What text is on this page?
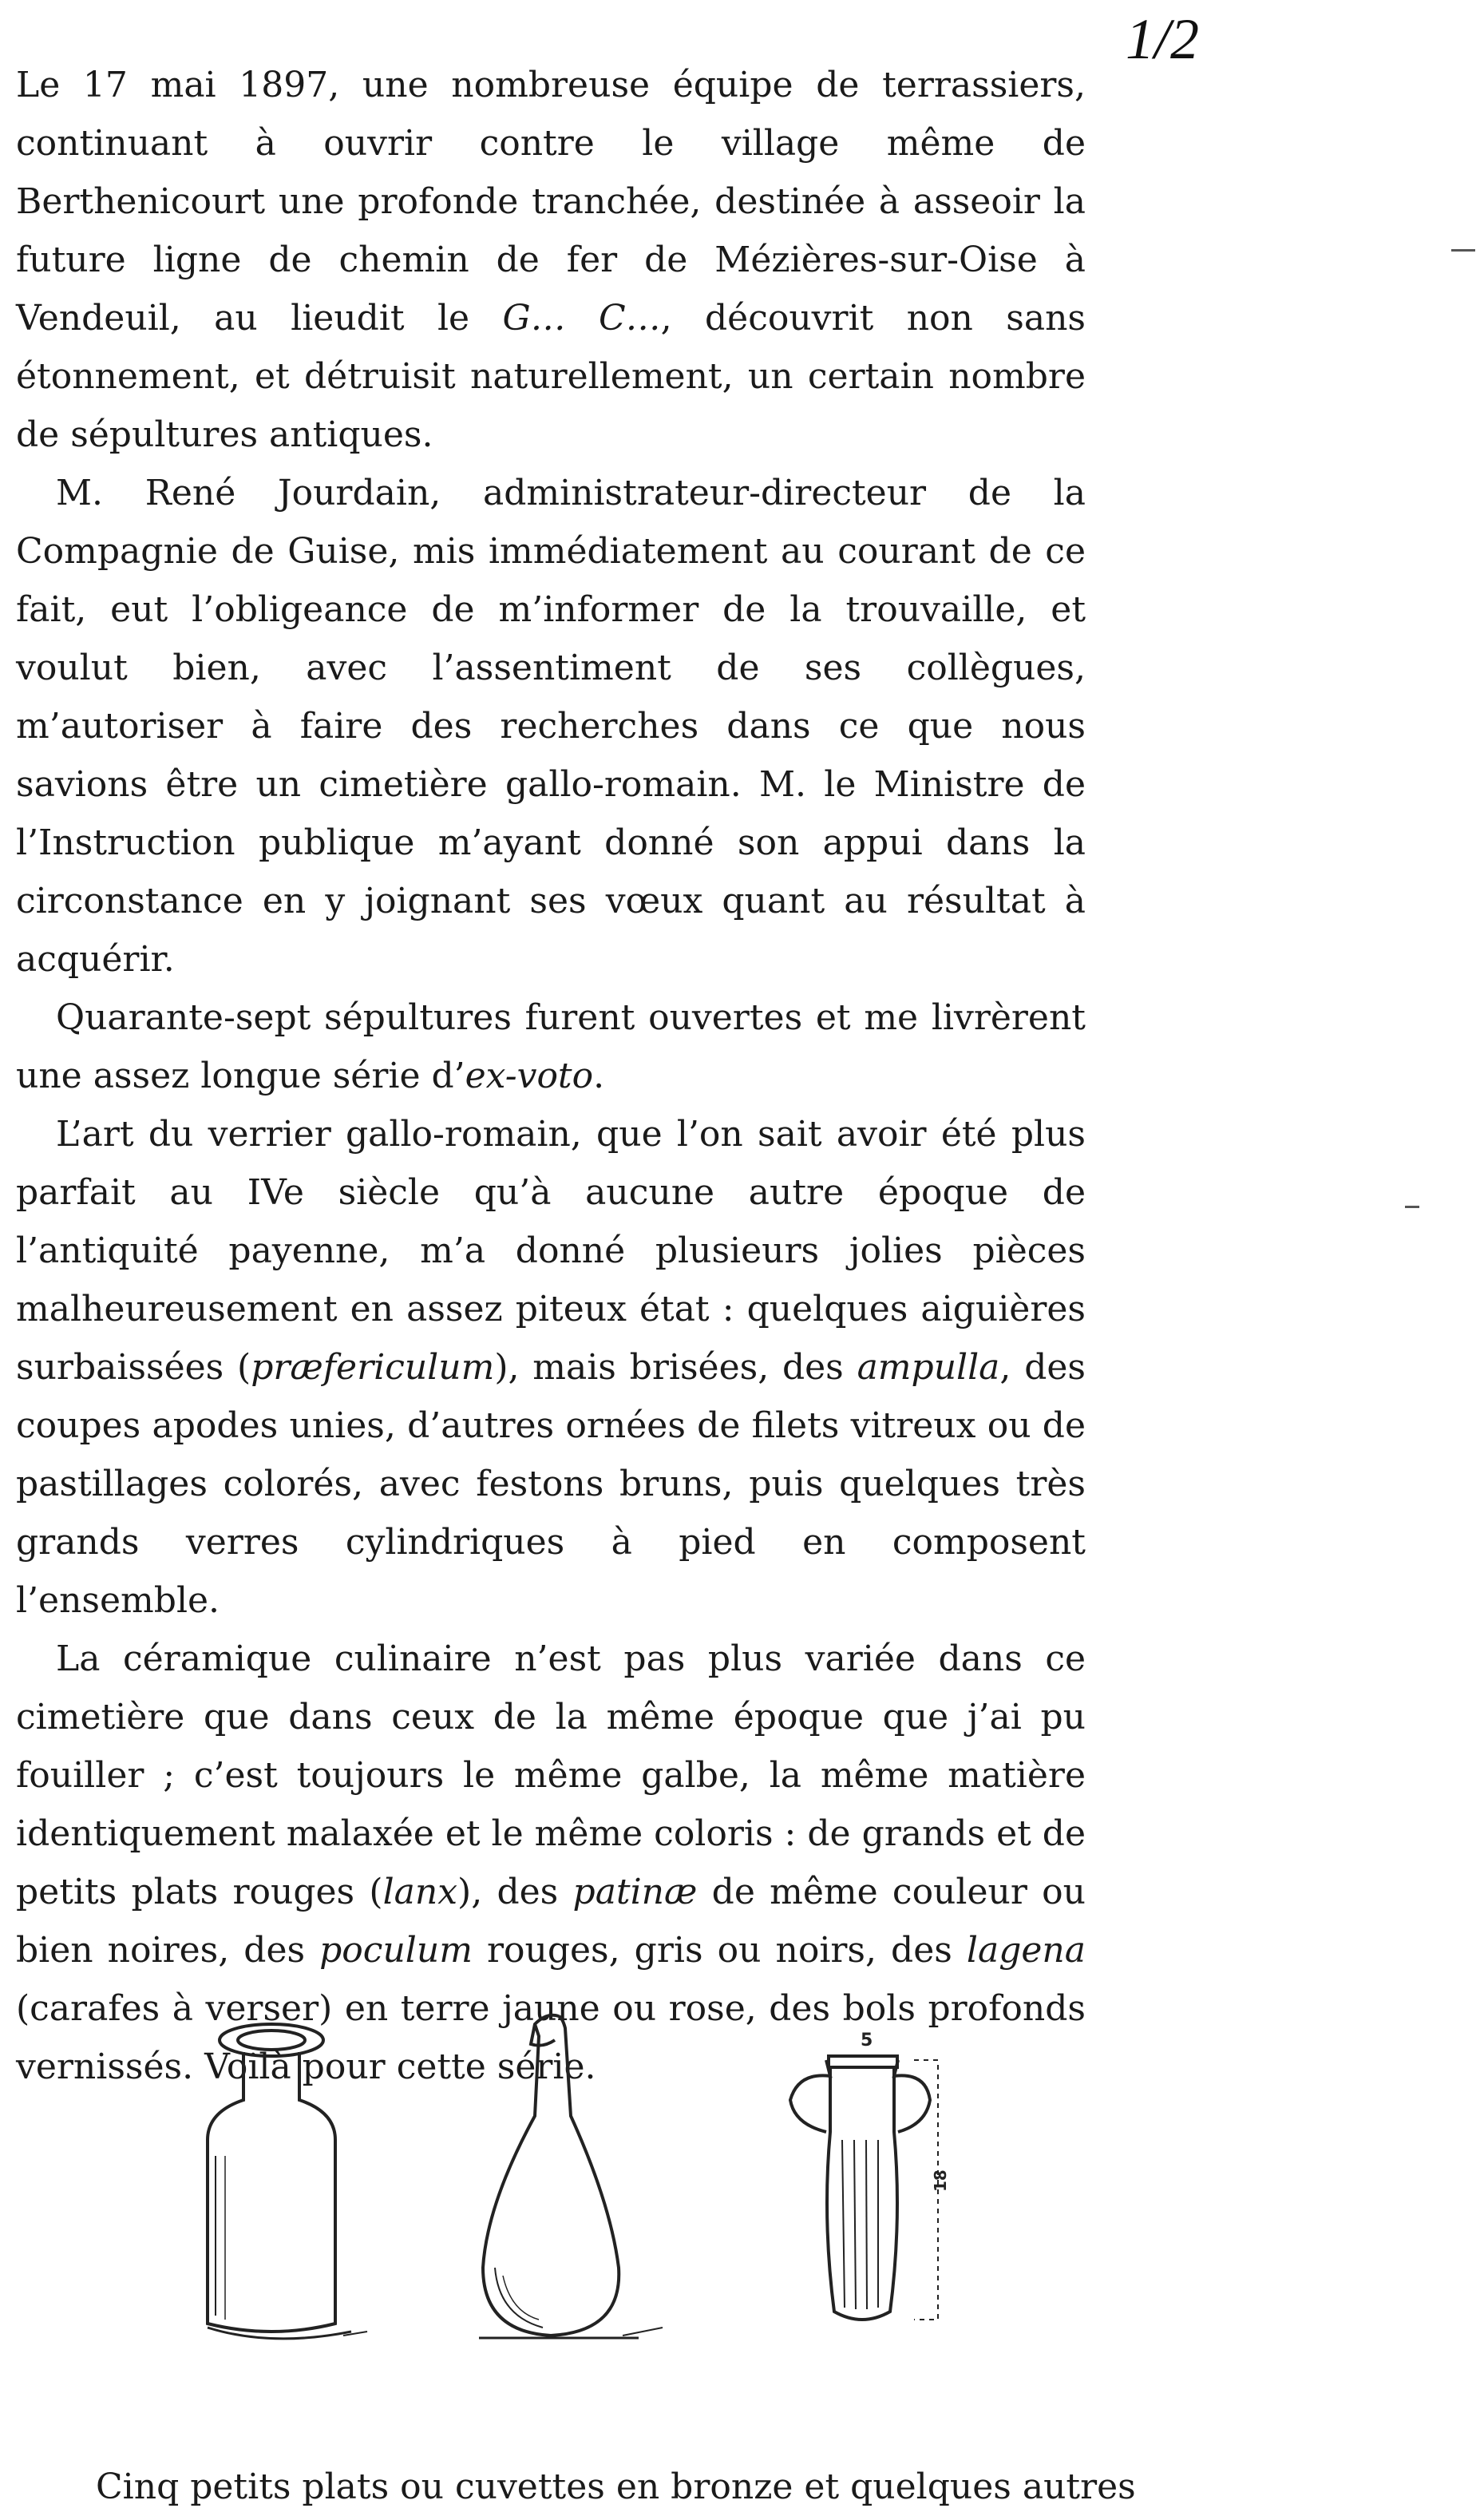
1/2

Le 17 mai 1897, une nombreuse équipe de terrassiers, continuant à ouvrir contre le village même de Berthenicourt une profonde tranchée, destinée à asseoir la future ligne de chemin de fer de Mézières-sur-Oise à Vendeuil, au lieudit le G… C…, découvrit non sans étonnement, et détruisit naturellement, un certain nombre de sépultures antiques.

M. René Jourdain, administrateur-directeur de la Compagnie de Guise, mis immédiatement au courant de ce fait, eut l’obligeance de m’informer de la trouvaille, et voulut bien, avec l’assentiment de ses collègues, m’autoriser à faire des recherches dans ce que nous savions être un cimetière gallo-romain. M. le Ministre de l’Instruction publique m’ayant donné son appui dans la circonstance en y joignant ses vœux quant au résultat à acquérir.

Quarante-sept sépultures furent ouvertes et me livrèrent une assez longue série d’ex-voto.

L’art du verrier gallo-romain, que l’on sait avoir été plus parfait au IVe siècle qu’à aucune autre époque de l’antiquité payenne, m’a donné plusieurs jolies pièces malheureusement en assez piteux état : quelques aiguières surbaissées (præfericulum), mais brisées, des ampulla, des coupes apodes unies, d’autres ornées de filets vitreux ou de pastillages colorés, avec festons bruns, puis quelques très grands verres cylindriques à pied en composent l’ensemble.

La céramique culinaire n’est pas plus variée dans ce cimetière que dans ceux de la même époque que j’ai pu fouiller ; c’est toujours le même galbe, la même matière identiquement malaxée et le même coloris : de grands et de petits plats rouges (lanx), des patinæ de même couleur ou bien noires, des poculum rouges, gris ou noirs, des lagena (carafes à verser) en terre jaune ou rose, des bols profonds vernissés. Voilà pour cette série.

5
18

Cinq petits plats ou cuvettes en bronze et quelques autres
